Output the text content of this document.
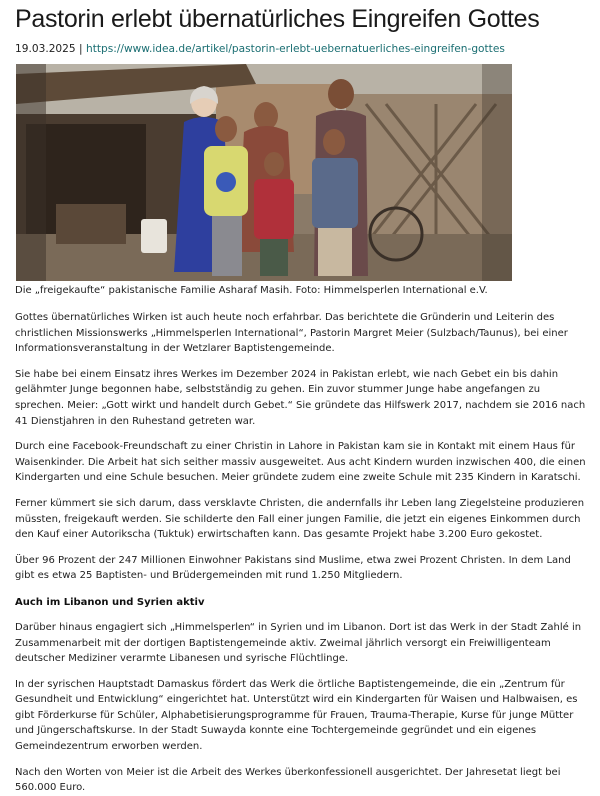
Pastorin erlebt übernatürliches Eingreifen Gottes
19.03.2025 | https://www.idea.de/artikel/pastorin-erlebt-uebernatuerliches-eingreifen-gottes
Die „freigekaufte“ pakistanische Familie Asharaf Masih. Foto: Himmelsperlen International e.V.

Gottes übernatürliches Wirken ist auch heute noch erfahrbar. Das berichtete die Gründerin und Leiterin des christlichen Missionswerks „Himmelsperlen International“, Pastorin Margret Meier (Sulzbach/Taunus), bei einer Informationsveranstaltung in der Wetzlarer Baptistengemeinde.

Sie habe bei einem Einsatz ihres Werkes im Dezember 2024 in Pakistan erlebt, wie nach Gebet ein bis dahin gelähmter Junge begonnen habe, selbstständig zu gehen. Ein zuvor stummer Junge habe angefangen zu sprechen. Meier: „Gott wirkt und handelt durch Gebet.“ Sie gründete das Hilfswerk 2017, nachdem sie 2016 nach 41 Dienstjahren in den Ruhestand getreten war.

Durch eine Facebook-Freundschaft zu einer Christin in Lahore in Pakistan kam sie in Kontakt mit einem Haus für Waisenkinder. Die Arbeit hat sich seither massiv ausgeweitet. Aus acht Kindern wurden inzwischen 400, die einen Kindergarten und eine Schule besuchen. Meier gründete zudem eine zweite Schule mit 235 Kindern in Karatschi.

Ferner kümmert sie sich darum, dass versklavte Christen, die andernfalls ihr Leben lang Ziegelsteine produzieren müssten, freigekauft werden. Sie schilderte den Fall einer jungen Familie, die jetzt ein eigenes Einkommen durch den Kauf einer Autorikscha (Tuktuk) erwirtschaften kann. Das gesamte Projekt habe 3.200 Euro gekostet.

Über 96 Prozent der 247 Millionen Einwohner Pakistans sind Muslime, etwa zwei Prozent Christen. In dem Land gibt es etwa 25 Baptisten- und Brüdergemeinden mit rund 1.250 Mitgliedern.

Auch im Libanon und Syrien aktiv

Darüber hinaus engagiert sich „Himmelsperlen“ in Syrien und im Libanon. Dort ist das Werk in der Stadt Zahlé in Zusammenarbeit mit der dortigen Baptistengemeinde aktiv. Zweimal jährlich versorgt ein Freiwilligenteam deutscher Mediziner verarmte Libanesen und syrische Flüchtlinge.

In der syrischen Hauptstadt Damaskus fördert das Werk die örtliche Baptistengemeinde, die ein „Zentrum für Gesundheit und Entwicklung“ eingerichtet hat. Unterstützt wird ein Kindergarten für Waisen und Halbwaisen, es gibt Förderkurse für Schüler, Alphabetisierungsprogramme für Frauen, Trauma-Therapie, Kurse für junge Mütter und Jüngerschaftskurse. In der Stadt Suwayda konnte eine Tochtergemeinde gegründet und ein eigenes Gemeindezentrum erworben werden.

Nach den Worten von Meier ist die Arbeit des Werkes überkonfessionell ausgerichtet. Der Jahresetat liegt bei 560.000 Euro.
